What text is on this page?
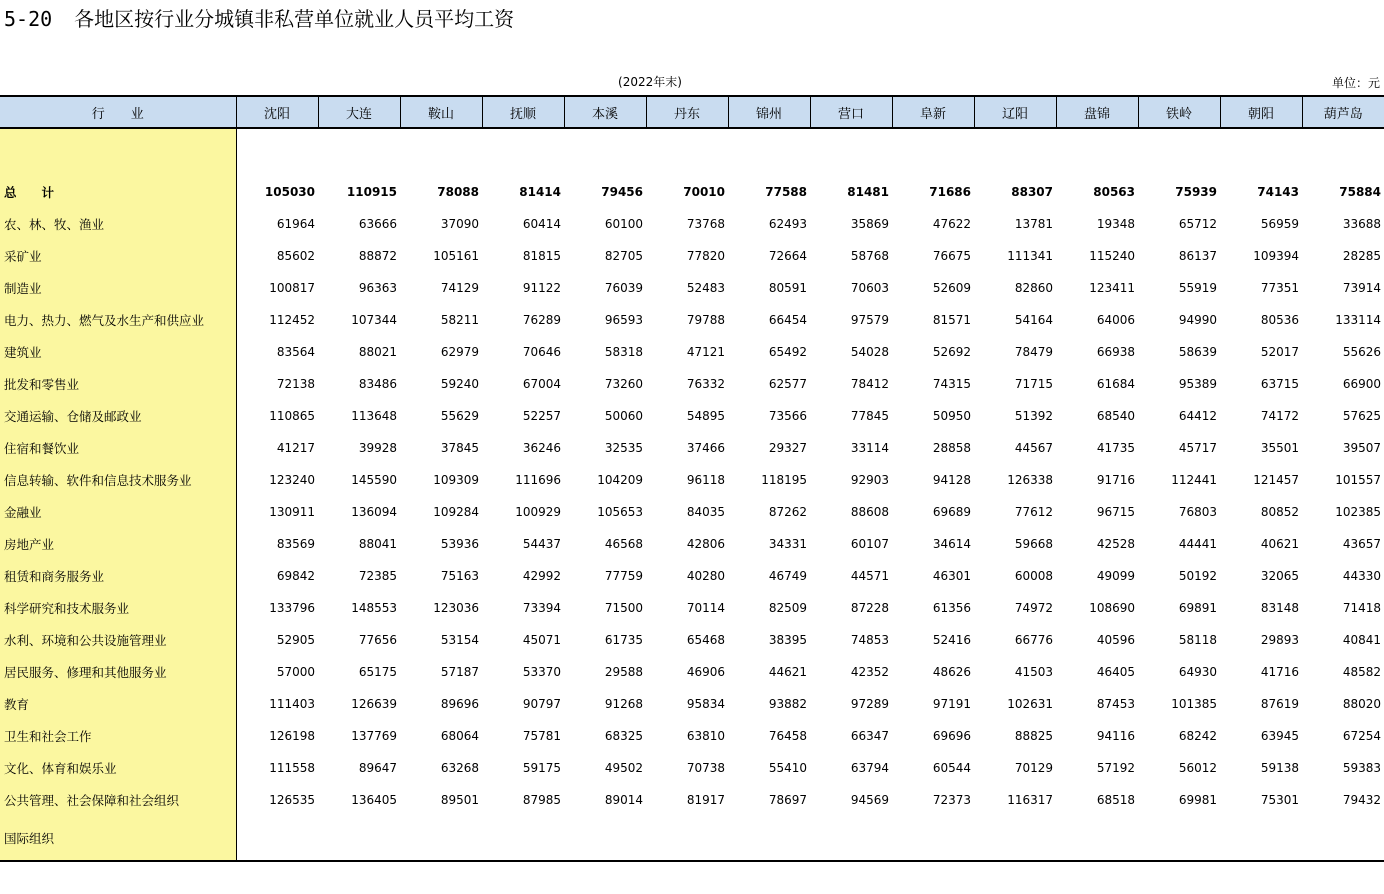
5-20 各地区按行业分城镇非私营单位就业人员平均工资
(2022年末)	单位：元
行　　业	沈阳	大连	鞍山	抚顺	本溪	丹东	锦州	营口	阜新	辽阳	盘锦	铁岭	朝阳	葫芦岛

总　　计	105030	110915	78088	81414	79456	70010	77588	81481	71686	88307	80563	75939	74143	75884
农、林、牧、渔业	61964	63666	37090	60414	60100	73768	62493	35869	47622	13781	19348	65712	56959	33688
采矿业	85602	88872	105161	81815	82705	77820	72664	58768	76675	111341	115240	86137	109394	28285
制造业	100817	96363	74129	91122	76039	52483	80591	70603	52609	82860	123411	55919	77351	73914
电力、热力、燃气及水生产和供应业	112452	107344	58211	76289	96593	79788	66454	97579	81571	54164	64006	94990	80536	133114
建筑业	83564	88021	62979	70646	58318	47121	65492	54028	52692	78479	66938	58639	52017	55626
批发和零售业	72138	83486	59240	67004	73260	76332	62577	78412	74315	71715	61684	95389	63715	66900
交通运输、仓储及邮政业	110865	113648	55629	52257	50060	54895	73566	77845	50950	51392	68540	64412	74172	57625
住宿和餐饮业	41217	39928	37845	36246	32535	37466	29327	33114	28858	44567	41735	45717	35501	39507
信息转输、软件和信息技术服务业	123240	145590	109309	111696	104209	96118	118195	92903	94128	126338	91716	112441	121457	101557
金融业	130911	136094	109284	100929	105653	84035	87262	88608	69689	77612	96715	76803	80852	102385
房地产业	83569	88041	53936	54437	46568	42806	34331	60107	34614	59668	42528	44441	40621	43657
租赁和商务服务业	69842	72385	75163	42992	77759	40280	46749	44571	46301	60008	49099	50192	32065	44330
科学研究和技术服务业	133796	148553	123036	73394	71500	70114	82509	87228	61356	74972	108690	69891	83148	71418
水利、环境和公共设施管理业	52905	77656	53154	45071	61735	65468	38395	74853	52416	66776	40596	58118	29893	40841
居民服务、修理和其他服务业	57000	65175	57187	53370	29588	46906	44621	42352	48626	41503	46405	64930	41716	48582
教育	111403	126639	89696	90797	91268	95834	93882	97289	97191	102631	87453	101385	87619	88020
卫生和社会工作	126198	137769	68064	75781	68325	63810	76458	66347	69696	88825	94116	68242	63945	67254
文化、体育和娱乐业	111558	89647	63268	59175	49502	70738	55410	63794	60544	70129	57192	56012	59138	59383
公共管理、社会保障和社会组织	126535	136405	89501	87985	89014	81917	78697	94569	72373	116317	68518	69981	75301	79432
国际组织														
